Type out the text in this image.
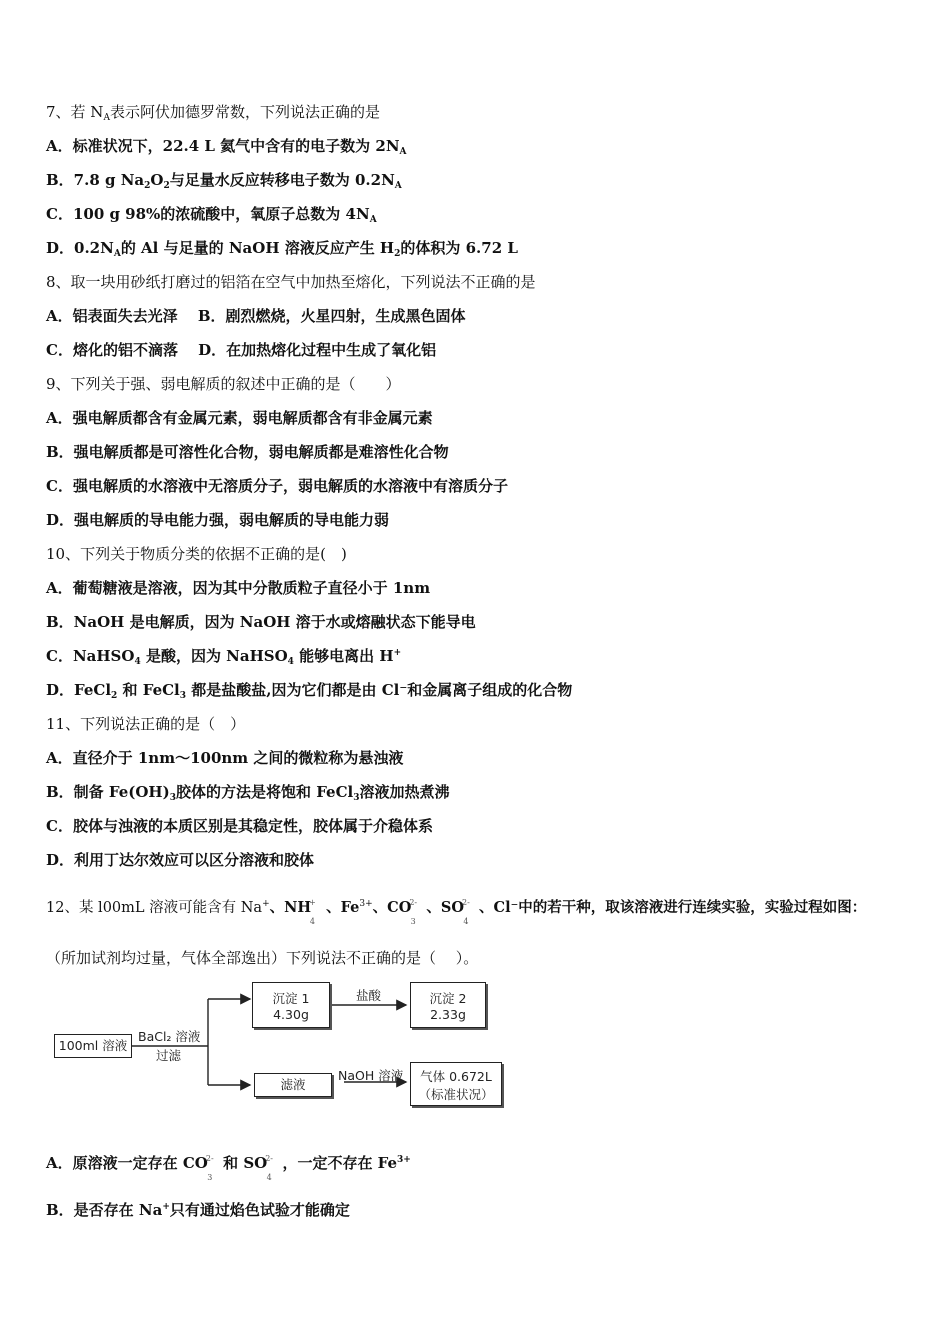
7、若 $N_A$表示阿伏加德罗常数，下列说法正确的是
A．标准状况下，22.4 L 氦气中含有的电子数为 $2N_A$
B．7.8 g $Na_2O_2$与足量水反应转移电子数为 $0.2N_A$
C．100 g 98%的浓硫酸中，氧原子总数为 $4N_A$
D．$0.2N_A$的 Al 与足量的 NaOH 溶液反应产生 $H_2$的体积为 6.72 L
8、取一块用砂纸打磨过的铝箔在空气中加热至熔化，下列说法不正确的是
A．铝表面失去光泽　 B．剧烈燃烧，火星四射，生成黑色固体
C．熔化的铝不滴落　 D．在加热熔化过程中生成了氧化铝
9、下列关于强、弱电解质的叙述中正确的是（　　）
A．强电解质都含有金属元素，弱电解质都含有非金属元素
B．强电解质都是可溶性化合物，弱电解质都是难溶性化合物
C．强电解质的水溶液中无溶质分子，弱电解质的水溶液中有溶质分子
D．强电解质的导电能力强，弱电解质的导电能力弱
10、下列关于物质分类的依据不正确的是(　)
A．葡萄糖液是溶液，因为其中分散质粒子直径小于 1nm
B．NaOH 是电解质，因为 NaOH 溶于水或熔融状态下能导电
C．NaHSO$_4$ 是酸，因为 NaHSO$_4$ 能够电离出 H+
D．FeCl$_2$ 和 FeCl$_3$ 都是盐酸盐,因为它们都是由 Cl⁻和金属离子组成的化合物
11、下列说法正确的是（　）
A．直径介于 1nm～100nm 之间的微粒称为悬浊液
B．制备 $Fe(OH)_3$胶体的方法是将饱和 FeCl$_3$溶液加热煮沸
C．胶体与浊液的本质区别是其稳定性，胶体属于介稳体系
D．利用丁达尔效应可以区分溶液和胶体
12、某 l00mL 溶液可能含有 Na+、NH
+
4
、$Fe^{3+}$、CO
2-
3
、SO
2-
4
、Cl⁻中的若干种，取该溶液进行连续实验，实验过程如图：
（所加试剂均过量，气体全部逸出）下列说法不正确的是（　 ）。
100ml 溶液
BaCl₂ 溶液
过滤
沉淀 1
4.30g
盐酸	沉淀 2
2.33g
滤液
NaOH 溶液	气体 0.672L
（标准状况）
A．原溶液一定存在 CO
2-
3
和 SO
2-
4
，一定不存在 $Fe^{3+}$
B．是否存在 Na+只有通过焰色试验才能确定
